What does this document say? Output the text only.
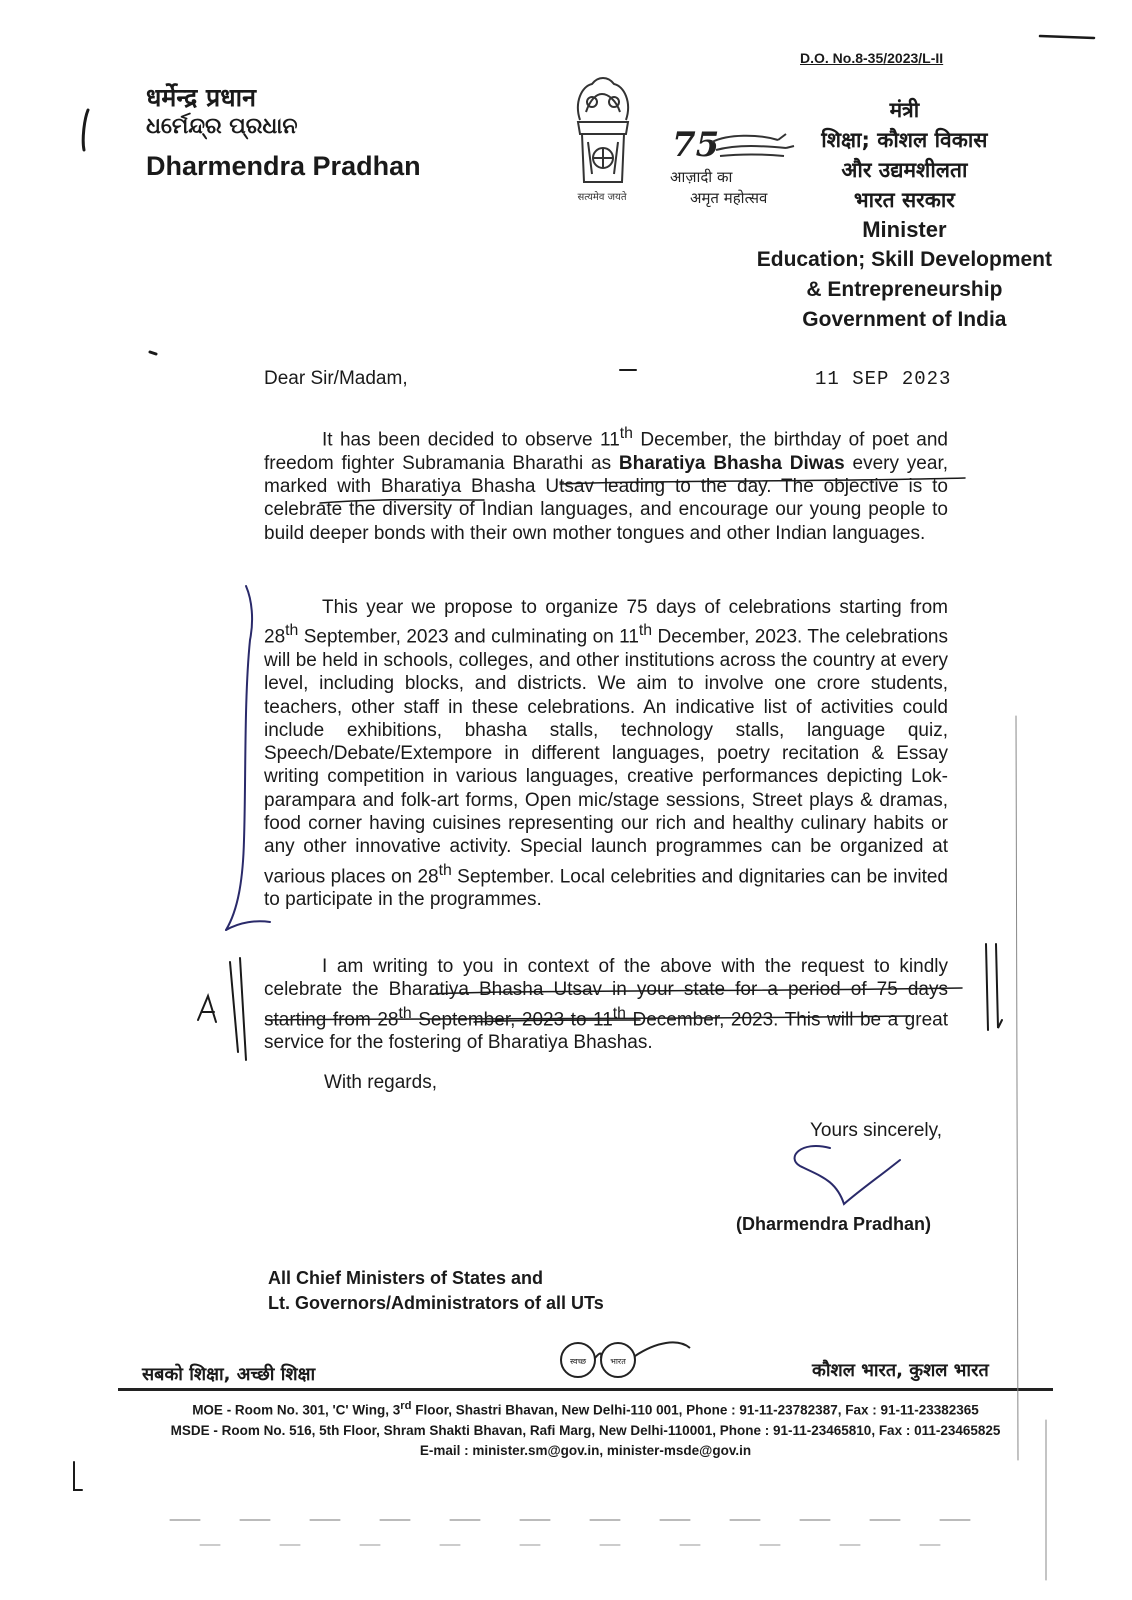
D.O. No.8-35/2023/L-II
धर्मेन्द्र प्रधान
ଧର୍ମେନ୍ଦ୍ର ପ୍ରଧାନ
Dharmendra Pradhan
सत्यमेव जयते
75
आज़ादी का
अमृत महोत्सव
मंत्री
शिक्षा; कौशल विकास
और उद्यमशीलता
भारत सरकार
Minister
Education; Skill Development
& Entrepreneurship
Government of India
Dear Sir/Madam,	11 SEP 2023
It has been decided to observe 11th December, the birthday of poet and freedom fighter Subramania Bharathi as Bharatiya Bhasha Diwas every year, marked with Bharatiya Bhasha Utsav leading to the day. The objective is to celebrate the diversity of Indian languages, and encourage our young people to build deeper bonds with their own mother tongues and other Indian languages.
This year we propose to organize 75 days of celebrations starting from 28th September, 2023 and culminating on 11th December, 2023. The celebrations will be held in schools, colleges, and other institutions across the country at every level, including blocks, and districts. We aim to involve one crore students, teachers, other staff in these celebrations. An indicative list of activities could include exhibitions, bhasha stalls, technology stalls, language quiz, Speech/Debate/Extempore in different languages, poetry recitation & Essay writing competition in various languages, creative performances depicting Lok-parampara and folk-art forms, Open mic/stage sessions, Street plays & dramas, food corner having cuisines representing our rich and healthy culinary habits or any other innovative activity. Special launch programmes can be organized at various places on 28th September. Local celebrities and dignitaries can be invited to participate in the programmes.
I am writing to you in context of the above with the request to kindly celebrate the Bharatiya Bhasha Utsav in your state for a period of 75 days starting from 28th September, 2023 to 11th December, 2023. This will be a great service for the fostering of Bharatiya Bhashas.
With regards,
Yours sincerely,
(Dharmendra Pradhan)
All Chief Ministers of States and
Lt. Governors/Administrators of all UTs
सबको शिक्षा, अच्छी शिक्षा	कौशल भारत, कुशल भारत
स्वच्छ	भारत
MOE - Room No. 301, 'C' Wing, 3rd Floor, Shastri Bhavan, New Delhi-110 001, Phone : 91-11-23782387, Fax : 91-11-23382365
MSDE - Room No. 516, 5th Floor, Shram Shakti Bhavan, Rafi Marg, New Delhi-110001, Phone : 91-11-23465810, Fax : 011-23465825
E-mail : minister.sm@gov.in, minister-msde@gov.in
